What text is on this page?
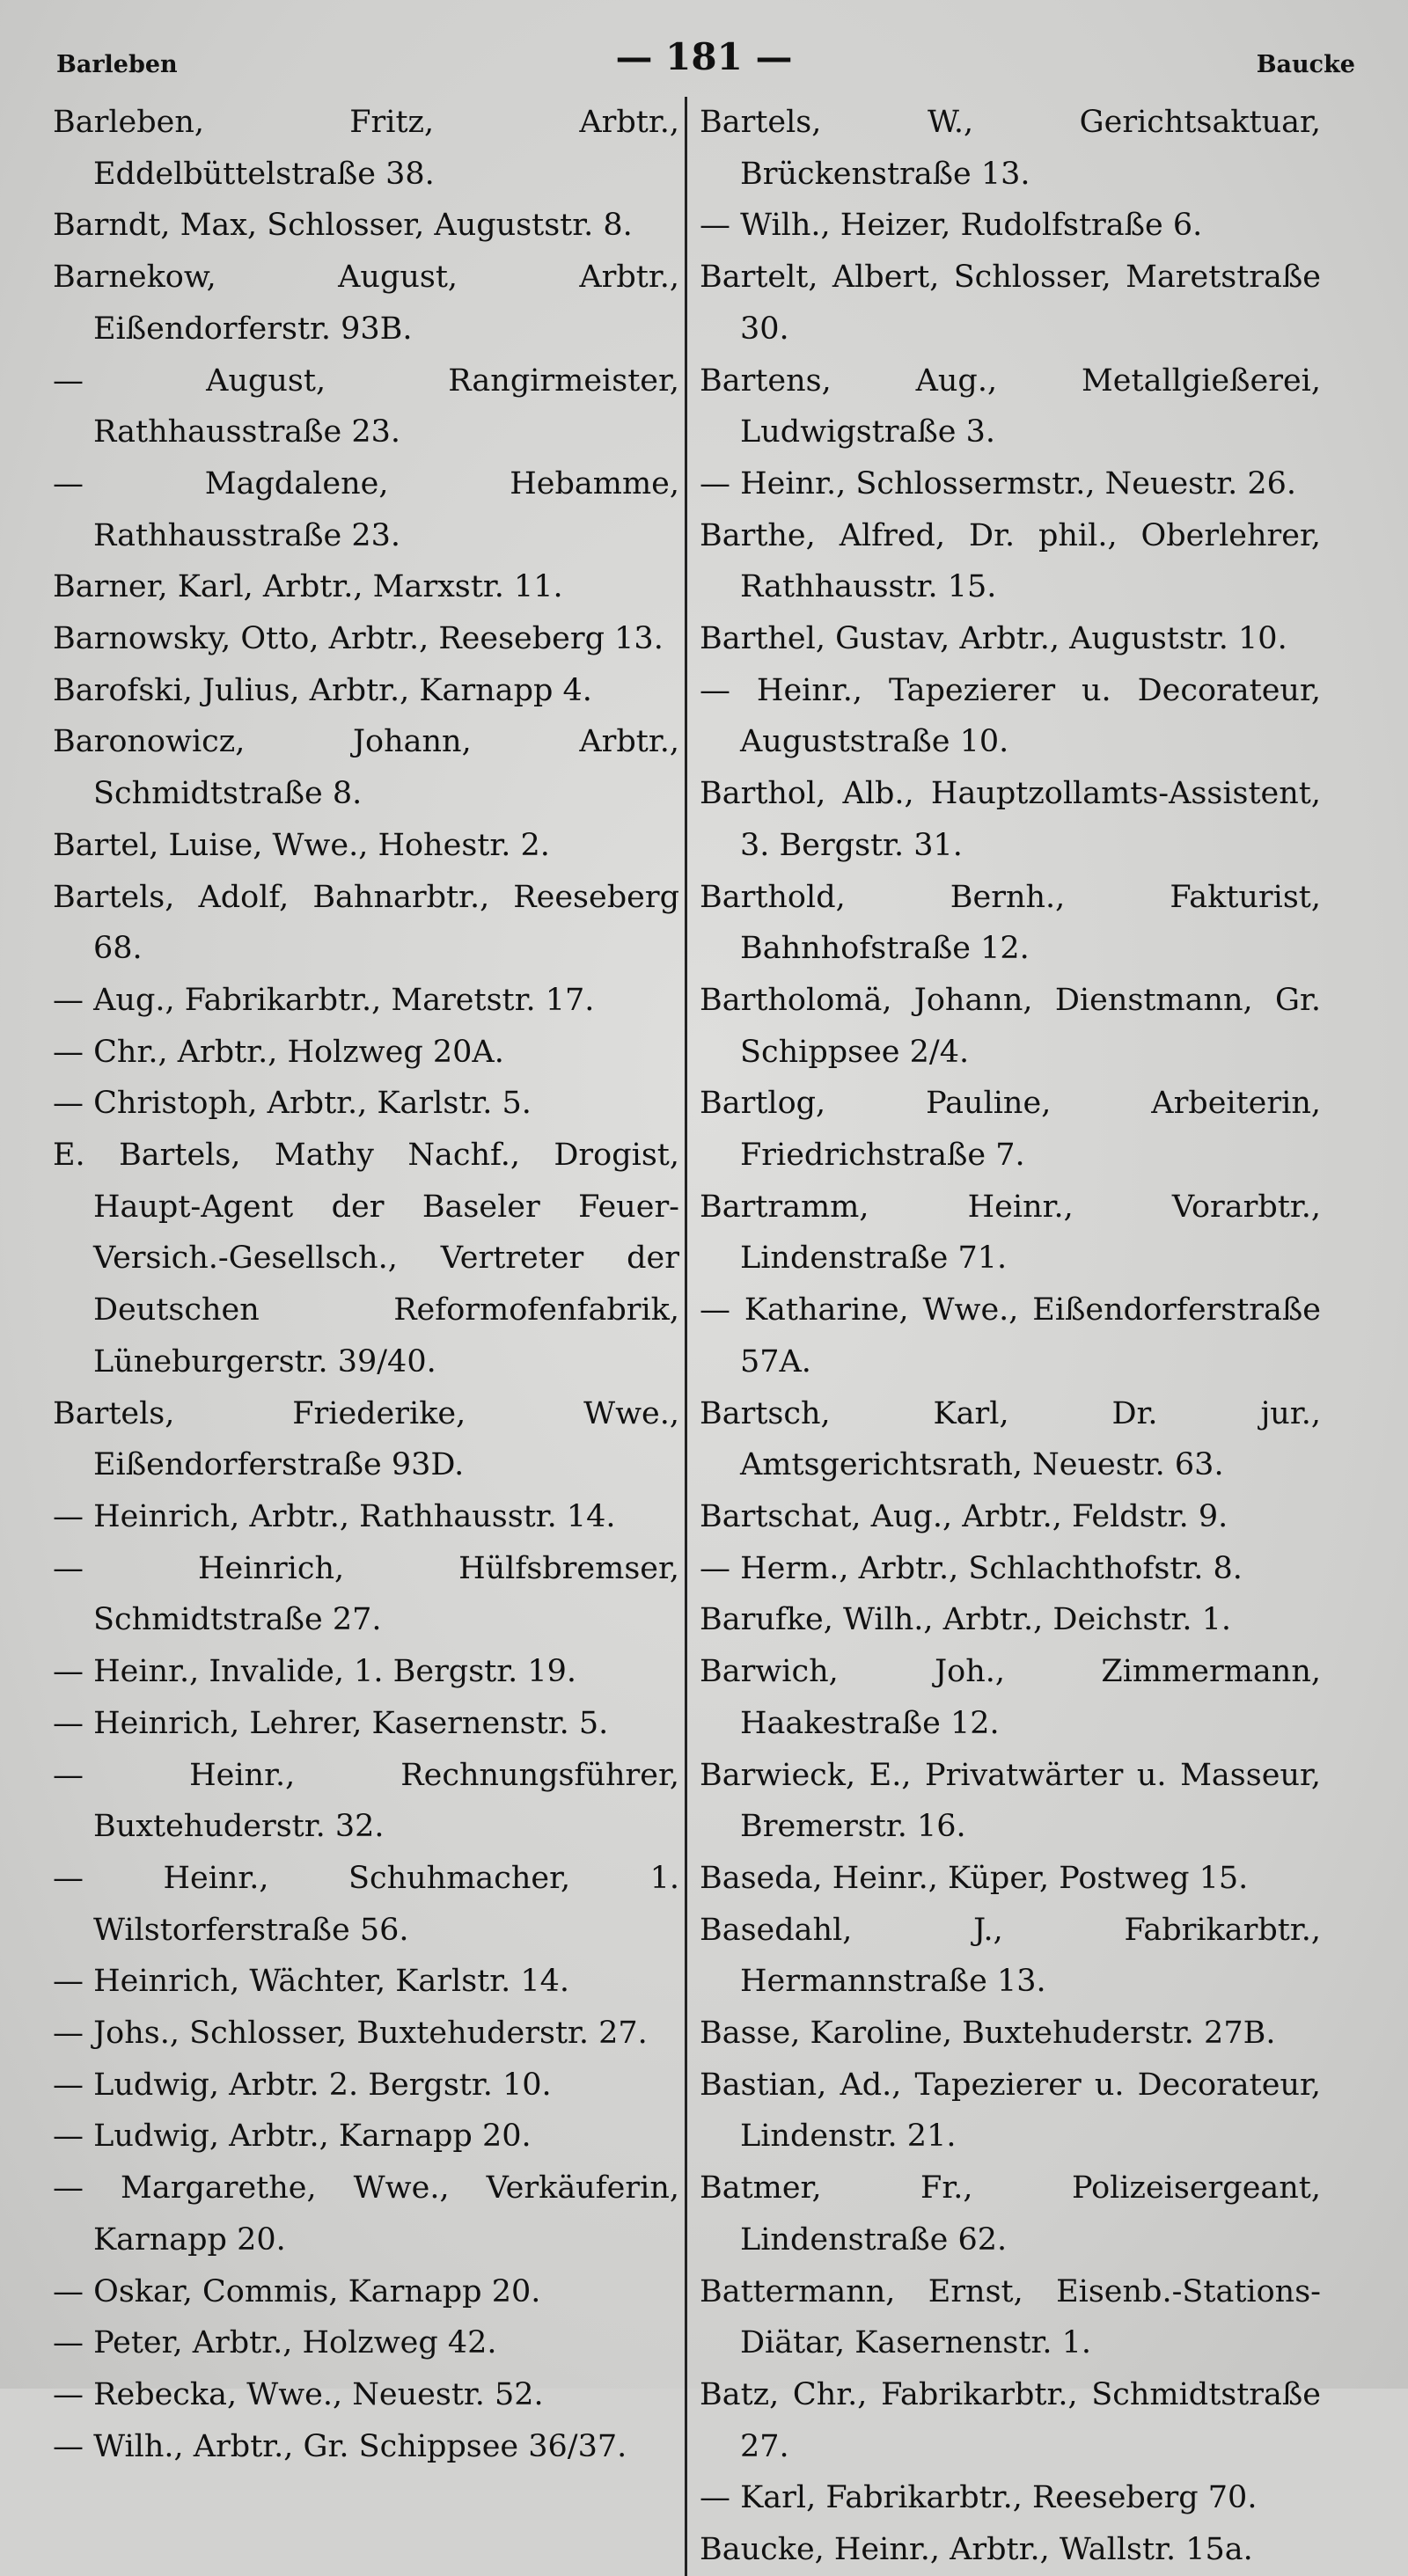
Barleben	— 181 —	Baucke
Barleben, Fritz, Arbtr., Eddelbüttelstraße 38.
Barndt, Max, Schlosser, Auguststr. 8.
Barnekow, August, Arbtr., Eißendorferstr. 93B.
— August, Rangirmeister, Rathhausstraße 23.
— Magdalene, Hebamme, Rathhausstraße 23.
Barner, Karl, Arbtr., Marxstr. 11.
Barnowsky, Otto, Arbtr., Reeseberg 13.
Barofski, Julius, Arbtr., Karnapp 4.
Baronowicz, Johann, Arbtr., Schmidtstraße 8.
Bartel, Luise, Wwe., Hohestr. 2.
Bartels, Adolf, Bahnarbtr., Reeseberg 68.
— Aug., Fabrikarbtr., Maretstr. 17.
— Chr., Arbtr., Holzweg 20A.
— Christoph, Arbtr., Karlstr. 5.
E. Bartels, Mathy Nachf., Drogist, Haupt-Agent der Baseler Feuer-Versich.-Gesellsch., Vertreter der Deutschen Reformofenfabrik, Lüneburgerstr. 39/40.
Bartels, Friederike, Wwe., Eißendorferstraße 93D.
— Heinrich, Arbtr., Rathhausstr. 14.
— Heinrich, Hülfsbremser, Schmidtstraße 27.
— Heinr., Invalide, 1. Bergstr. 19.
— Heinrich, Lehrer, Kasernenstr. 5.
— Heinr., Rechnungsführer, Buxtehuderstr. 32.
— Heinr., Schuhmacher, 1. Wilstorferstraße 56.
— Heinrich, Wächter, Karlstr. 14.
— Johs., Schlosser, Buxtehuderstr. 27.
— Ludwig, Arbtr. 2. Bergstr. 10.
— Ludwig, Arbtr., Karnapp 20.
— Margarethe, Wwe., Verkäuferin, Karnapp 20.
— Oskar, Commis, Karnapp 20.
— Peter, Arbtr., Holzweg 42.
— Rebecka, Wwe., Neuestr. 52.
— Wilh., Arbtr., Gr. Schippsee 36/37.
Bartels, W., Gerichtsaktuar, Brückenstraße 13.
— Wilh., Heizer, Rudolfstraße 6.
Bartelt, Albert, Schlosser, Maretstraße 30.
Bartens, Aug., Metallgießerei, Ludwigstraße 3.
— Heinr., Schlossermstr., Neuestr. 26.
Barthe, Alfred, Dr. phil., Oberlehrer, Rathhausstr. 15.
Barthel, Gustav, Arbtr., Auguststr. 10.
— Heinr., Tapezierer u. Decorateur, Auguststraße 10.
Barthol, Alb., Hauptzollamts-Assistent, 3. Bergstr. 31.
Barthold, Bernh., Fakturist, Bahnhofstraße 12.
Bartholomä, Johann, Dienstmann, Gr. Schippsee 2/4.
Bartlog, Pauline, Arbeiterin, Friedrichstraße 7.
Bartramm, Heinr., Vorarbtr., Lindenstraße 71.
— Katharine, Wwe., Eißendorferstraße 57A.
Bartsch, Karl, Dr. jur., Amtsgerichtsrath, Neuestr. 63.
Bartschat, Aug., Arbtr., Feldstr. 9.
— Herm., Arbtr., Schlachthofstr. 8.
Barufke, Wilh., Arbtr., Deichstr. 1.
Barwich, Joh., Zimmermann, Haakestraße 12.
Barwieck, E., Privatwärter u. Masseur, Bremerstr. 16.
Baseda, Heinr., Küper, Postweg 15.
Basedahl, J., Fabrikarbtr., Hermannstraße 13.
Basse, Karoline, Buxtehuderstr. 27B.
Bastian, Ad., Tapezierer u. Decorateur, Lindenstr. 21.
Batmer, Fr., Polizeisergeant, Lindenstraße 62.
Battermann, Ernst, Eisenb.-Stations-Diätar, Kasernenstr. 1.
Batz, Chr., Fabrikarbtr., Schmidtstraße 27.
— Karl, Fabrikarbtr., Reeseberg 70.
Baucke, Heinr., Arbtr., Wallstr. 15a.
